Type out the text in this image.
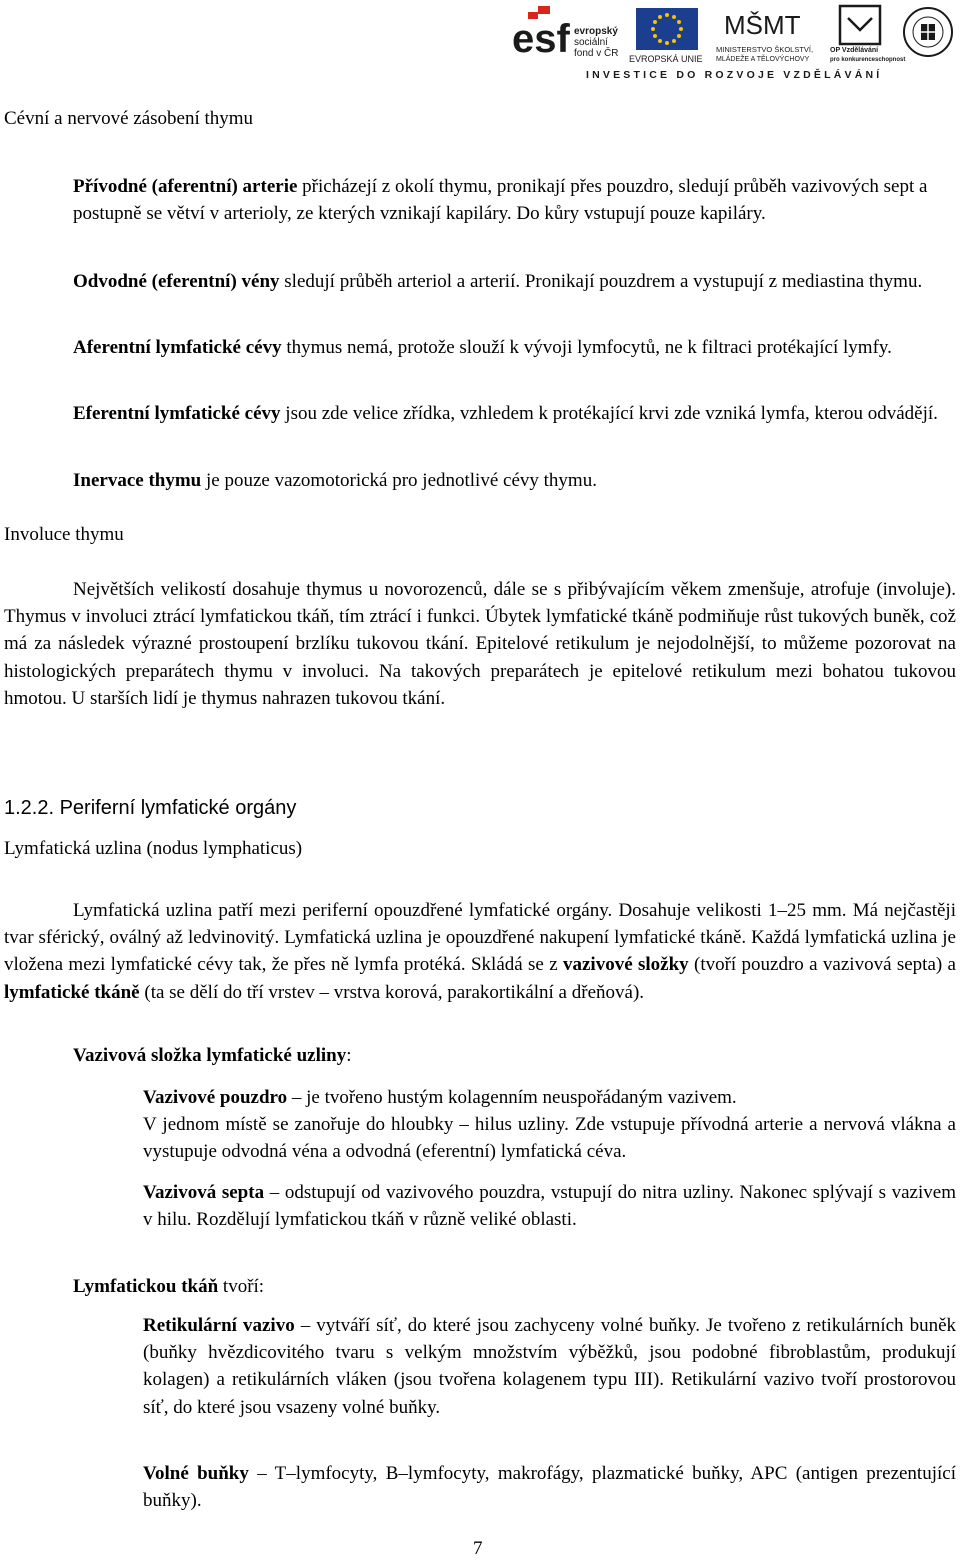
esf evropský
sociální
fond v ČR EVROPSKÁ UNIE
MŠMT
MINISTERSTVO ŠKOLSTVÍ,
MLÁDEŽE A TĚLOVÝCHOVY
OP Vzdělávání
pro konkurenceschopnost
INVESTICE DO ROZVOJE VZDĚLÁVÁNÍ
Cévní a nervové zásobení thymu

Přívodné (aferentní) arterie přicházejí z okolí thymu, pronikají přes pouzdro, sledují průběh vazivových sept a postupně se větví v arterioly, ze kterých vznikají kapiláry. Do kůry vstupují pouze kapiláry.

Odvodné (eferentní) vény sledují průběh arteriol a arterií. Pronikají pouzdrem a vystupují z mediastina thymu.

Aferentní lymfatické cévy thymus nemá, protože slouží k vývoji lymfocytů, ne k filtraci protékající lymfy.

Eferentní lymfatické cévy jsou zde velice zřídka, vzhledem k protékající krvi zde vzniká lymfa, kterou odvádějí.

Inervace thymu je pouze vazomotorická pro jednotlivé cévy thymu.

Involuce thymu

Největších velikostí dosahuje thymus u novorozenců, dále se s přibývajícím věkem zmenšuje, atrofuje (involuje). Thymus v involuci ztrácí lymfatickou tkáň, tím ztrácí i funkci. Úbytek lymfatické tkáně podmiňuje růst tukových buněk, což má za následek výrazné prostoupení brzlíku tukovou tkání. Epitelové retikulum je nejodolnější, to můžeme pozorovat na histologických preparátech thymu v involuci. Na takových preparátech je epitelové retikulum mezi bohatou tukovou hmotou. U starších lidí je thymus nahrazen tukovou tkání.

1.2.2. Periferní lymfatické orgány
Lymfatická uzlina (nodus lymphaticus)

Lymfatická uzlina patří mezi periferní opouzdřené lymfatické orgány. Dosahuje velikosti 1–25 mm. Má nejčastěji tvar sférický, oválný až ledvinovitý. Lymfatická uzlina je opouzdřené nakupení lymfatické tkáně. Každá lymfatická uzlina je vložena mezi lymfatické cévy tak, že přes ně lymfa protéká. Skládá se z vazivové složky (tvoří pouzdro a vazivová septa) a lymfatické tkáně (ta se dělí do tří vrstev – vrstva korová, parakortikální a dřeňová).

Vazivová složka lymfatické uzliny:

Vazivové pouzdro – je tvořeno hustým kolagenním neuspořádaným vazivem.

V jednom místě se zanořuje do hloubky – hilus uzliny. Zde vstupuje přívodná arterie a nervová vlákna a vystupuje odvodná véna a odvodná (eferentní) lymfatická céva.

Vazivová septa – odstupují od vazivového pouzdra, vstupují do nitra uzliny. Nakonec splývají s vazivem v hilu. Rozdělují lymfatickou tkáň v různě veliké oblasti.

Lymfatickou tkáň tvoří:

Retikulární vazivo – vytváří síť, do které jsou zachyceny volné buňky. Je tvořeno z retikulárních buněk (buňky hvězdicovitého tvaru s velkým množstvím výběžků, jsou podobné fibroblastům, produkují kolagen) a retikulárních vláken (jsou tvořena kolagenem typu III). Retikulární vazivo tvoří prostorovou síť, do které jsou vsazeny volné buňky.

Volné buňky – T–lymfocyty, B–lymfocyty, makrofágy, plazmatické buňky, APC (antigen prezentující buňky).

7
